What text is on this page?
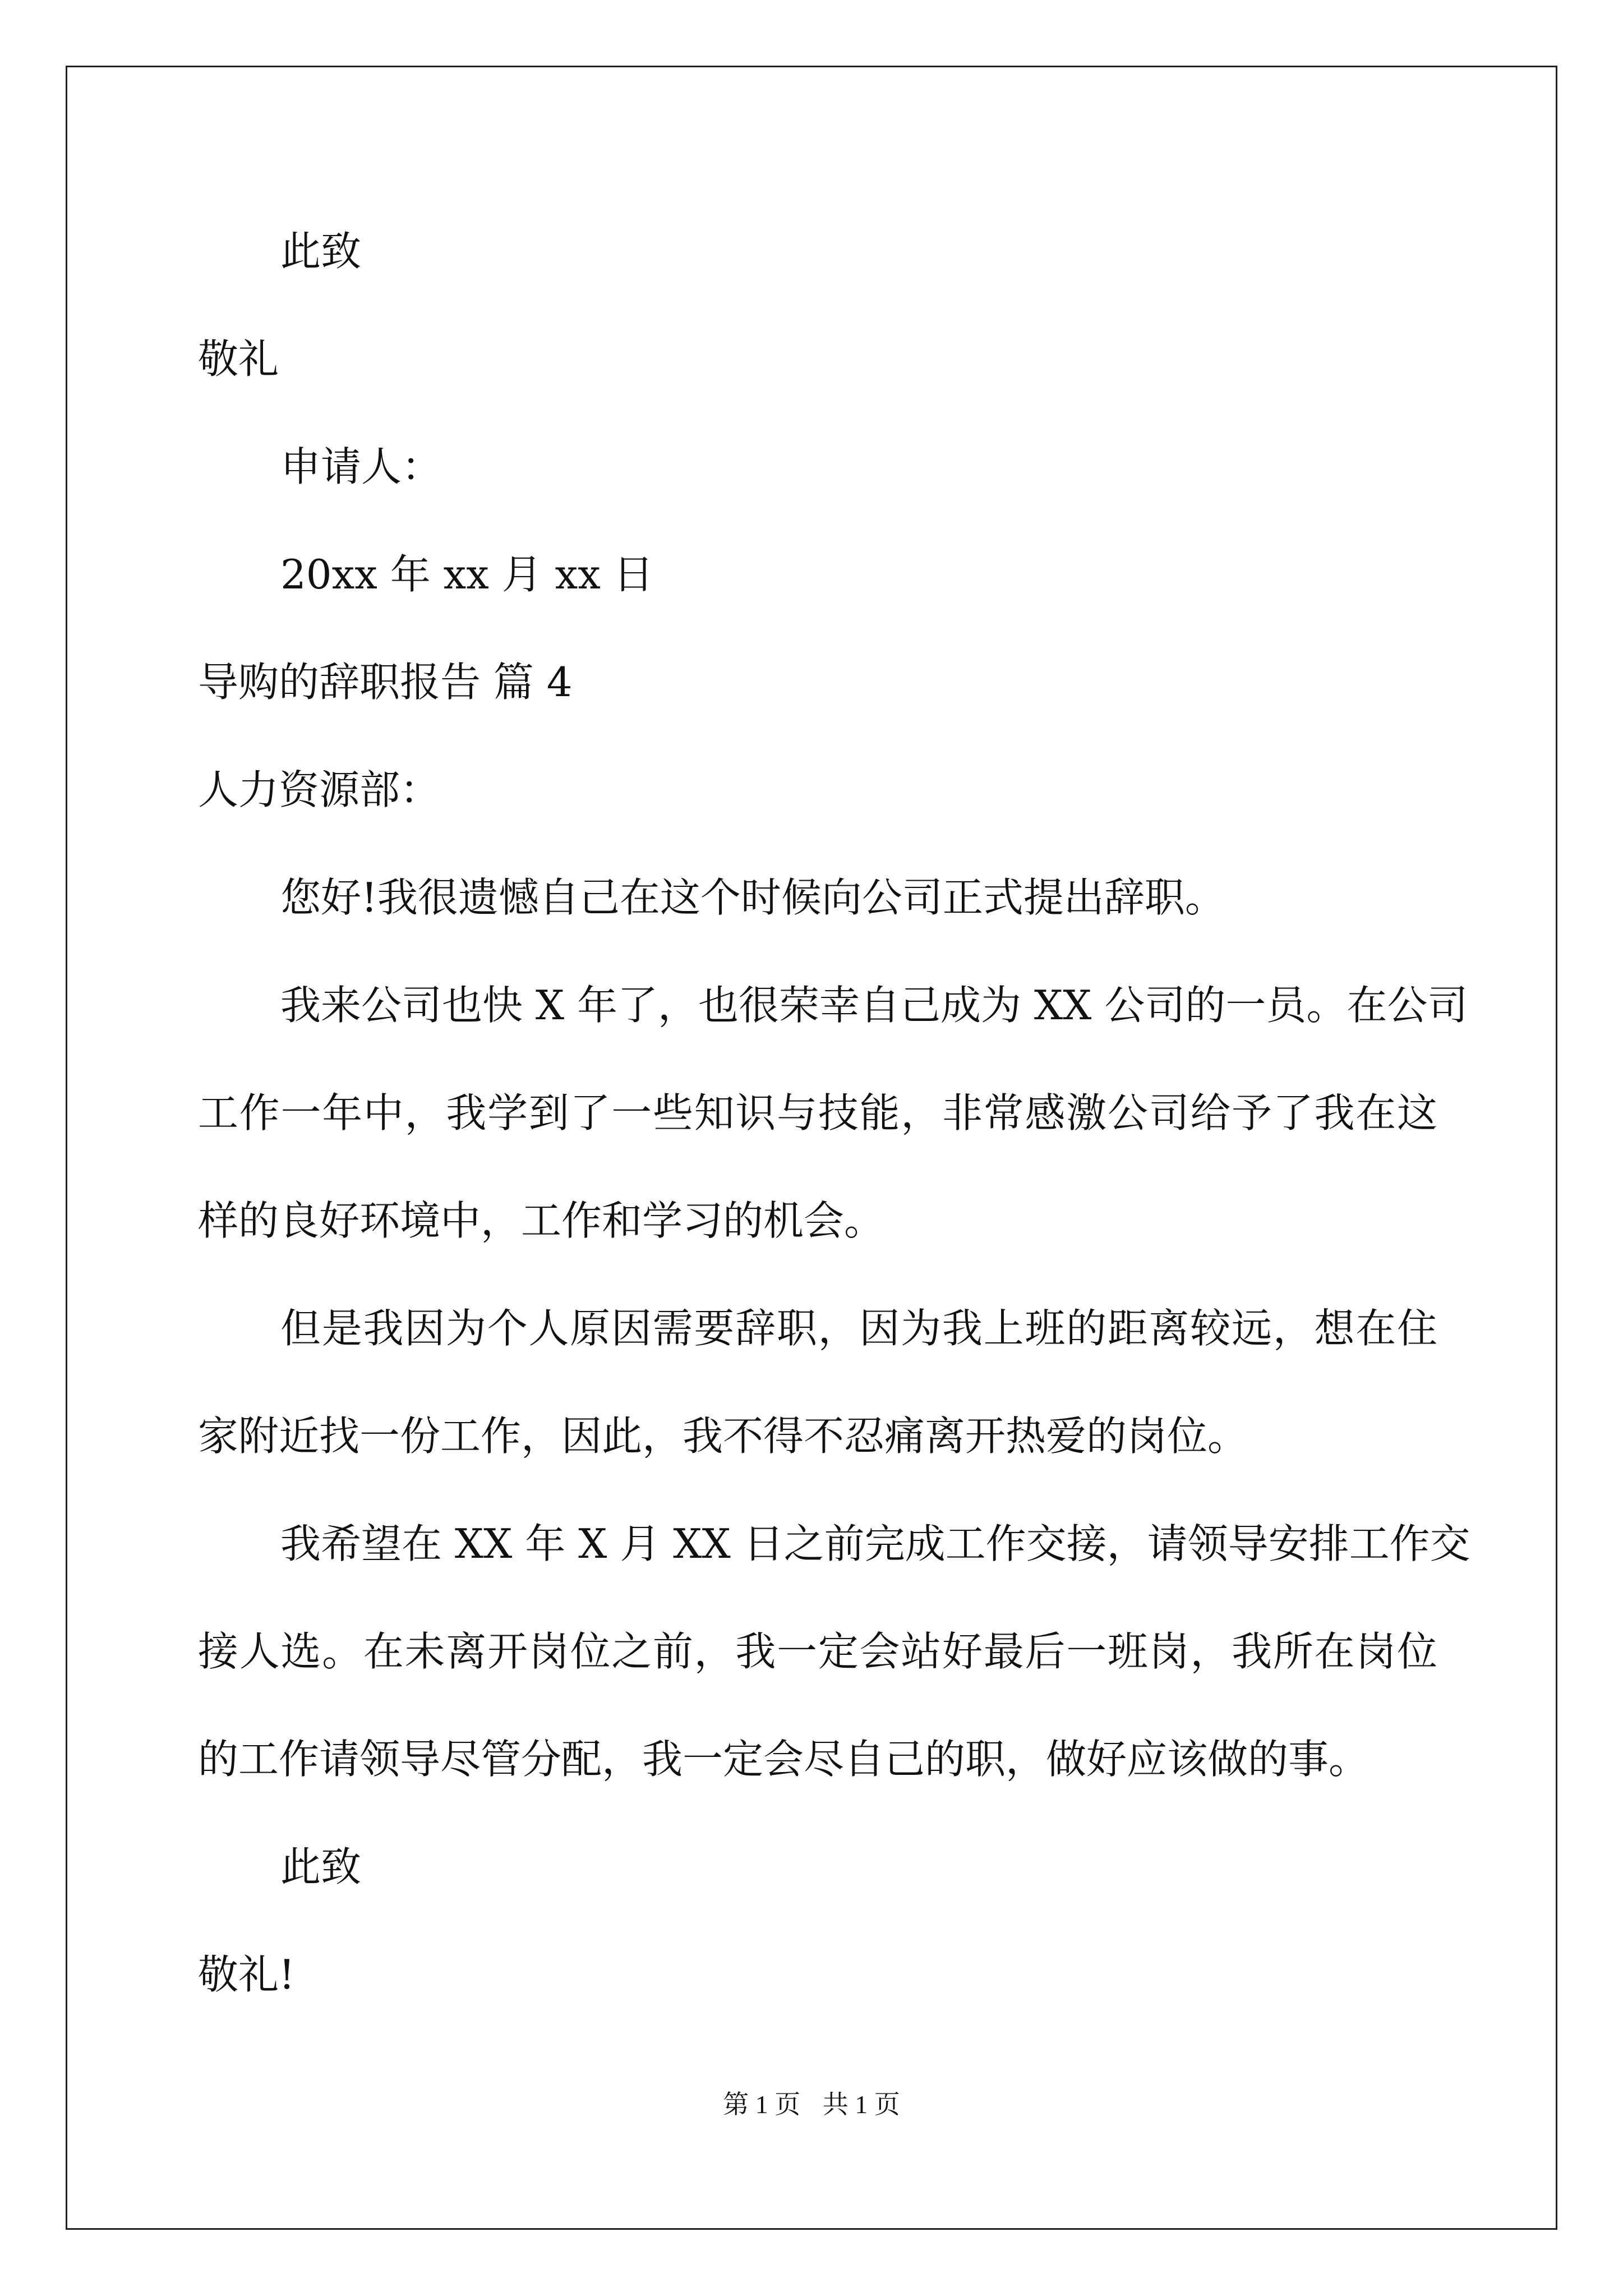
此致
敬礼
申请人：
20xx 年 xx 月 xx 日
导购的辞职报告 篇 4
人力资源部：
您好!我很遗憾自己在这个时候向公司正式提出辞职。
我来公司也快 X 年了，也很荣幸自己成为 XX 公司的一员。在公司
工作一年中，我学到了一些知识与技能，非常感激公司给予了我在这
样的良好环境中，工作和学习的机会。
但是我因为个人原因需要辞职，因为我上班的距离较远，想在住
家附近找一份工作，因此，我不得不忍痛离开热爱的岗位。
我希望在 XX 年 X 月 XX 日之前完成工作交接，请领导安排工作交
接人选。在未离开岗位之前，我一定会站好最后一班岗，我所在岗位
的工作请领导尽管分配，我一定会尽自己的职，做好应该做的事。
此致
敬礼!
第 1 页 共 1 页
